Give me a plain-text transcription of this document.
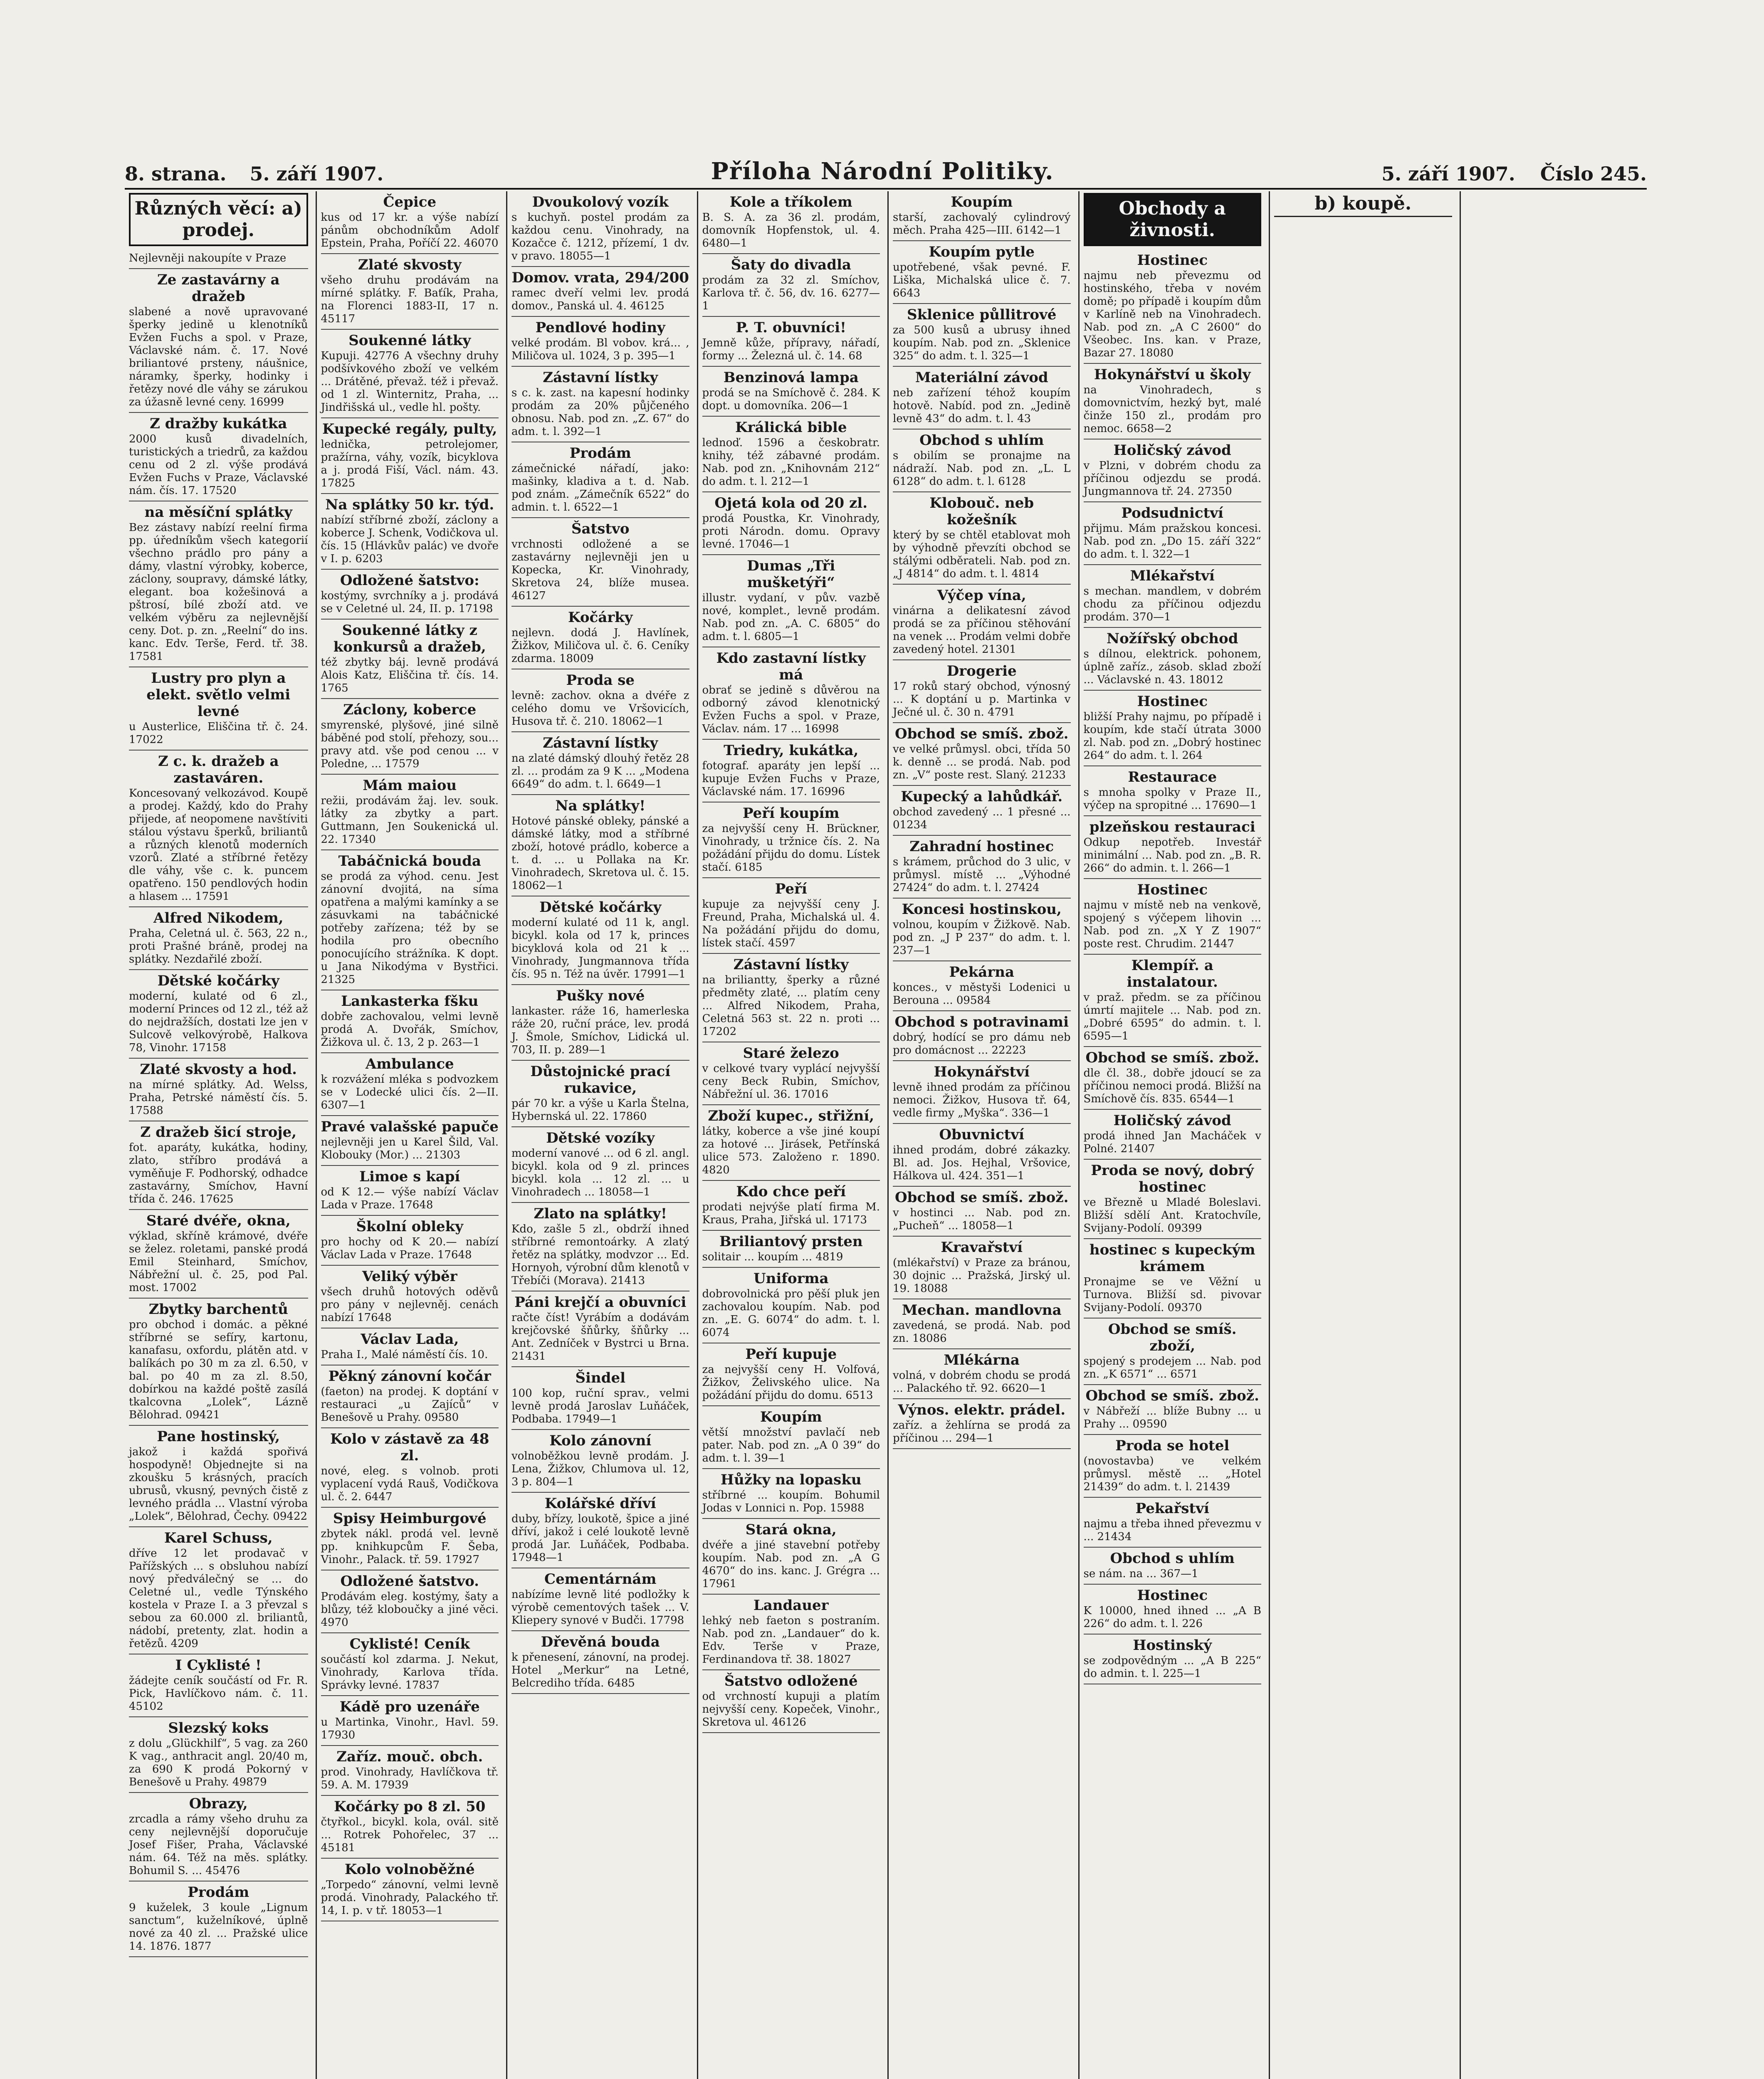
8. strana. 5. září 1907.	Příloha Národní Politiky.	5. září 1907. Číslo 245.
Různých věcí: a) prodej.
Nejlevněji nakoupíte v Praze
Ze zastavárny a dražeb
slabené a nově upravované šperky jedině u klenotníků Evžen Fuchs a spol. v Praze, Václavské nám. č. 17. Nové briliantové prsteny, náušnice, náramky, šperky, hodinky i řetězy nové dle váhy se zárukou za úžasně levné ceny. 16999
Z dražby kukátka
2000 kusů divadelních, turistických a triedrů, za každou cenu od 2 zl. výše prodává Evžen Fuchs v Praze, Václavské nám. čís. 17. 17520
na měsíční splátky
Bez zástavy nabízí reelní firma pp. úředníkům všech kategorií všechno prádlo pro pány a dámy, vlastní výrobky, koberce, záclony, soupravy, dámské látky, elegant. boa kožešinová a pštrosí, bílé zboží atd. ve velkém výběru za nejlevnější ceny. Dot. p. zn. „Reelní“ do ins. kanc. Edv. Terše, Ferd. tř. 38. 17581
Lustry pro plyn a elekt. světlo velmi levné
u Austerlice, Eliščina tř. č. 24. 17022
Z c. k. dražeb a zastaváren.
Koncesovaný velkozávod. Koupě a prodej. Každý, kdo do Prahy přijede, ať neopomene navštíviti stálou výstavu šperků, briliantů a různých klenotů moderních vzorů. Zlaté a stříbrné řetězy dle váhy, vše c. k. puncem opatřeno. 150 pendlových hodin a hlasem ... 17591
Alfred Nikodem,
Praha, Celetná ul. č. 563, 22 n., proti Prašné bráně, prodej na splátky. Nezdařilé zboží.
Dětské kočárky
moderní, kulaté od 6 zl., moderní Princes od 12 zl., též až do nejdražších, dostati lze jen v Sulcově velkovýrobě, Halkova 78, Vinohr. 17158
Zlaté skvosty a hod.
na mírné splátky. Ad. Welss, Praha, Petrské náměstí čís. 5. 17588
Z dražeb šicí stroje,
fot. aparáty, kukátka, hodiny, zlato, stříbro prodává a vyměňuje F. Podhorský, odhadce zastavárny, Smíchov, Havní třída č. 246. 17625
Staré dvéře, okna,
výklad, skříně krámové, dvéře se želez. roletami, panské prodá Emil Steinhard, Smíchov, Nábřežní ul. č. 25, pod Pal. most. 17002
Zbytky barchentů
pro obchod i domác. a pěkné stříbrné se sefíry, kartonu, kanafasu, oxfordu, plátěn atd. v balíkách po 30 m za zl. 6.50, v bal. po 40 m za zl. 8.50, dobírkou na každé poště zasílá tkalcovna „Lolek“, Lázně Bělohrad. 09421
Pane hostinský,
jakož i každá spořivá hospodyně! Objednejte si na zkoušku 5 krásných, pracích ubrusů, vkusný, pevných čistě z levného prádla ... Vlastní výroba „Lolek“, Bělohrad, Čechy. 09422
Karel Schuss,
dříve 12 let prodavač v Pařížských ... s obsluhou nabízí nový předválečný se ... do Celetné ul., vedle Týnského kostela v Praze I. a 3 převzal s sebou za 60.000 zl. briliantů, nádobí, pretenty, zlat. hodin a řetězů. 4209
I Cyklisté !
žádejte ceník součástí od Fr. R. Pick, Havlíčkovo nám. č. 11. 45102
Slezský koks
z dolu „Glückhilf“, 5 vag. za 260 K vag., anthracit angl. 20/40 m, za 690 K prodá Pokorný v Benešově u Prahy. 49879
Obrazy,
zrcadla a rámy všeho druhu za ceny nejlevnější doporučuje Josef Fišer, Praha, Václavské nám. 64. Též na měs. splátky. Bohumil S. ... 45476
Prodám
9 kuželek, 3 koule „Lignum sanctum“, kuželníkové, úplně nové za 40 zl. ... Pražské ulice 14. 1876. 1877
Čepice
kus od 17 kr. a výše nabízí pánům obchodníkům Adolf Epstein, Praha, Poříčí 22. 46070
Zlaté skvosty
všeho druhu prodávám na mírné splátky. F. Baťík, Praha, na Florenci 1883-II, 17 n. 45117
Soukenné látky
Kupuji. 42776 A všechny druhy podšívkového zboží ve velkém ... Drátěné, převaž. též i převaž. od 1 zl. Winternitz, Praha, ... Jindřišská ul., vedle hl. pošty.
Kupecké regály, pulty,
lednička, petrolejomer, pražírna, váhy, vozík, bicyklova a j. prodá Fiší, Václ. nám. 43. 17825
Na splátky 50 kr. týd.
nabízí stříbrné zboží, záclony a koberce J. Schenk, Vodičkova ul. čís. 15 (Hlávkův palác) ve dvoře v I. p. 6203
Odložené šatstvo:
kostýmy, svrchníky a j. prodává se v Celetné ul. 24, II. p. 17198
Soukenné látky z konkursů a dražeb,
též zbytky báj. levně prodává Alois Katz, Eliščina tř. čís. 14. 1765
Záclony, koberce
smyrenské, plyšové, jiné silně báběné pod stolí, přehozy, sou... pravy atd. vše pod cenou ... v Poledne, ... 17579
Mám maiou
režii, prodávám žaj. lev. souk. látky za zbytky a part. Guttmann, Jen Soukenická ul. 22. 17340
Tabáčnická bouda
se prodá za výhod. cenu. Jest zánovní dvojitá, na síma opatřena a malými kamínky a se zásuvkami na tabáčnické potřeby zařízena; též by se hodila pro obecního ponocujícího strážníka. K dopt. u Jana Nikodýma v Bystřici. 21325
Lankasterka fšku
dobře zachovalou, velmi levně prodá A. Dvořák, Smíchov, Žižkova ul. č. 13, 2 p. 263—1
Ambulance
k rozvážení mléka s podvozkem se v Lodecké ulici čís. 2—II. 6307—1
Pravé valašské papuče
nejlevněji jen u Karel Šild, Val. Klobouky (Mor.) ... 21303
Limoe s kapí
od K 12.— výše nabízí Václav Lada v Praze. 17648
Školní obleky
pro hochy od K 20.— nabízí Václav Lada v Praze. 17648
Veliký výběr
všech druhů hotových oděvů pro pány v nejlevněj. cenách nabízí 17648
Václav Lada,
Praha I., Malé náměstí čís. 10.
Pěkný zánovní kočár
(faeton) na prodej. K doptání v restauraci „u Zajíců“ v Benešově u Prahy. 09580
Kolo v zástavě za 48 zl.
nové, eleg. s volnob. proti vyplacení vydá Rauš, Vodičkova ul. č. 2. 6447
Spisy Heimburgové
zbytek nákl. prodá vel. levně pp. knihkupcům F. Šeba, Vinohr., Palack. tř. 59. 17927
Odložené šatstvo.
Prodávám eleg. kostýmy, šaty a blůzy, též kloboučky a jiné věci. 4970
Cyklisté! Ceník
součástí kol zdarma. J. Nekut, Vinohrady, Karlova třída. Správky levné. 17837
Kádě pro uzenáře
u Martinka, Vinohr., Havl. 59. 17930
Zaříz. mouč. obch.
prod. Vinohrady, Havlíčkova tř. 59. A. M. 17939
Kočárky po 8 zl. 50
čtyřkol., bicykl. kola, ovál. sitě ... Rotrek Pohořelec, 37 ... 45181
Kolo volnoběžné
„Torpedo“ zánovní, velmi levně prodá. Vinohrady, Palackého tř. 14, I. p. v tř. 18053—1
Dvoukolový vozík
s kuchyň. postel prodám za každou cenu. Vinohrady, na Kozačce č. 1212, přízemí, 1 dv. v pravo. 18055—1
Domov. vrata, 294/200
ramec dveří velmi lev. prodá domov., Panská ul. 4. 46125
Pendlové hodiny
velké prodám. Bl vobov. krá... , Miličova ul. 1024, 3 p. 395—1
Zástavní lístky
s c. k. zast. na kapesní hodinky prodám za 20% půjčeného obnosu. Nab. pod zn. „Z. 67“ do adm. t. l. 392—1
Prodám
zámečnické nářadí, jako: mašinky, kladiva a t. d. Nab. pod znám. „Zámečník 6522“ do admin. t. l. 6522—1
Šatstvo
vrchnosti odložené a se zastavárny nejlevněji jen u Kopecka, Kr. Vinohrady, Skretova 24, blíže musea. 46127
Kočárky
nejlevn. dodá J. Havlínek, Žižkov, Miličova ul. č. 6. Ceníky zdarma. 18009
Proda se
levně: zachov. okna a dvéře z celého domu ve Vršovicích, Husova tř. č. 210. 18062—1
Zástavní lístky
na zlaté dámský dlouhý řetěz 28 zl. ... prodám za 9 K ... „Modena 6649“ do adm. t. l. 6649—1
Na splátky!
Hotové pánské obleky, pánské a dámské látky, mod a stříbrné zboží, hotové prádlo, koberce a t. d. ... u Pollaka na Kr. Vinohradech, Skretova ul. č. 15. 18062—1
Dětské kočárky
moderní kulaté od 11 k, angl. bicykl. kola od 17 k, princes bicyklová kola od 21 k ... Vinohrady, Jungmannova třída čís. 95 n. Též na úvěr. 17991—1
Pušky nové
lankaster. ráže 16, hamerleska ráže 20, ruční práce, lev. prodá J. Šmole, Smíchov, Lidická ul. 703, II. p. 289—1
Důstojnické prací rukavice,
pár 70 kr. a výše u Karla Štelna, Hybernská ul. 22. 17860
Dětské vozíky
moderní vanové ... od 6 zl. angl. bicykl. kola od 9 zl. princes bicykl. kola ... 12 zl. ... u Vinohradech ... 18058—1
Zlato na splátky!
Kdo, zašle 5 zl., obdrží ihned stříbrné remontoárky. A zlatý řetěz na splátky, modvzor ... Ed. Hornyoh, výrobní dům klenotů v Třebíči (Morava). 21413
Páni krejčí a obuvníci
račte číst! Vyrábím a dodávám krejčovské šňůrky, šňůrky ... Ant. Zedníček v Bystrci u Brna. 21431
Šindel
100 kop, ruční sprav., velmi levně prodá Jaroslav Luňáček, Podbaba. 17949—1
Kolo zánovní
volnoběžkou levně prodám. J. Lena, Žižkov, Chlumova ul. 12, 3 p. 804—1
Kolářské dříví
duby, břízy, loukotě, špice a jiné dříví, jakož i celé loukotě levně prodá Jar. Luňáček, Podbaba. 17948—1
Cementárnám
nabízíme levně lité podložky k výrobě cementových tašek ... V. Kliepery synové v Budči. 17798
Dřevěná bouda
k přenesení, zánovní, na prodej. Hotel „Merkur“ na Letné, Belcrediho třída. 6485
Kole a tříkolem
B. S. A. za 36 zl. prodám, domovník Hopfenstok, ul. 4. 6480—1
Šaty do divadla
prodám za 32 zl. Smíchov, Karlova tř. č. 56, dv. 16. 6277—1
P. T. obuvníci!
Jemně kůže, přípravy, nářadí, formy ... Železná ul. č. 14. 68
Benzinová lampa
prodá se na Smíchově č. 284. K dopt. u domovníka. 206—1
Králická bible
lednoď. 1596 a českobratr. knihy, též zábavné prodám. Nab. pod zn. „Knihovnám 212“ do adm. t. l. 212—1
Ojetá kola od 20 zl.
prodá Poustka, Kr. Vinohrady, proti Národn. domu. Opravy levné. 17046—1
Dumas „Tři mušketýři“
illustr. vydaní, v pův. vazbě nové, komplet., levně prodám. Nab. pod zn. „A. C. 6805“ do adm. t. l. 6805—1
Kdo zastavní lístky má
obrať se jedině s důvěrou na odborný závod klenotnický Evžen Fuchs a spol. v Praze, Václav. nám. 17 ... 16998
Triedry, kukátka,
fotograf. aparáty jen lepší ... kupuje Evžen Fuchs v Praze, Václavské nám. 17. 16996
Peří koupím
za nejvyšší ceny H. Brückner, Vinohrady, u tržnice čís. 2. Na požádání přijdu do domu. Lístek stačí. 6185
Peří
kupuje za nejvyšší ceny J. Freund, Praha, Michalská ul. 4. Na požádání přijdu do domu, lístek stačí. 4597
Zástavní lístky
na briliantty, šperky a různé předměty zlaté, ... platím ceny ... Alfred Nikodem, Praha, Celetná 563 st. 22 n. proti ... 17202
Staré železo
v celkové tvary vyplácí nejvyšší ceny Beck Rubin, Smíchov, Nábřežní ul. 36. 17016
Zboží kupec., střižní,
látky, koberce a vše jiné koupí za hotové ... Jirásek, Petřínská ulice 573. Založeno r. 1890. 4820
Kdo chce peří
prodati nejvýše platí firma M. Kraus, Praha, Jiřská ul. 17173
Briliantový prsten
solitair ... koupím ... 4819
Uniforma
dobrovolnická pro pěší pluk jen zachovalou koupím. Nab. pod zn. „E. G. 6074“ do adm. t. l. 6074
Peří kupuje
za nejvyšší ceny H. Volfová, Žižkov, Želivského ulice. Na požádání přijdu do domu. 6513
Koupím
větší množství pavlačí neb pater. Nab. pod zn. „A 0 39“ do adm. t. l. 39—1
Hůžky na lopasku
stříbrné ... koupím. Bohumil Jodas v Lonnici n. Pop. 15988
Stará okna,
dvéře a jiné stavební potřeby koupím. Nab. pod zn. „A G 4670“ do ins. kanc. J. Grégra ... 17961
Landauer
lehký neb faeton s postraním. Nab. pod zn. „Landauer“ do k. Edv. Terše v Praze, Ferdinandova tř. 38. 18027
Šatstvo odložené
od vrchností kupuji a platím nejvyšší ceny. Kopeček, Vinohr., Skretova ul. 46126
Koupím
starší, zachovalý cylindrový měch. Praha 425—III. 6142—1
Koupím pytle
upotřebené, však pevné. F. Liška, Michalská ulice č. 7. 6643
Sklenice půllitrové
za 500 kusů a ubrusy ihned koupím. Nab. pod zn. „Sklenice 325“ do adm. t. l. 325—1
Materiální závod
neb zařízení téhož koupím hotově. Nabíd. pod zn. „Jedině levně 43“ do adm. t. l. 43
Obchod s uhlím
s obilím se pronajme na nádraží. Nab. pod zn. „L. L 6128“ do adm. t. l. 6128
Klobouč. neb kožešník
který by se chtěl etablovat moh by výhodně převzíti obchod se stálými odběrateli. Nab. pod zn. „J 4814“ do adm. t. l. 4814
Výčep vína,
vinárna a delikatesní závod prodá se za příčinou stěhování na venek ... Prodám velmi dobře zavedený hotel. 21301
Drogerie
17 roků starý obchod, výnosný ... K doptání u p. Martinka v Ječné ul. č. 30 n. 4791
Obchod se smíš. zbož.
ve velké průmysl. obci, třída 50 k. denně ... se prodá. Nab. pod zn. „V“ poste rest. Slaný. 21233
Kupecký a lahůdkář.
obchod zavedený ... 1 přesné ... 01234
Zahradní hostinec
s krámem, průchod do 3 ulic, v průmysl. místě ... „Výhodné 27424“ do adm. t. l. 27424
Koncesi hostinskou,
volnou, koupím v Žižkově. Nab. pod zn. „J P 237“ do adm. t. l. 237—1
Pekárna
konces., v městyši Lodenici u Berouna ... 09584
Obchod s potravinami
dobrý, hodící se pro dámu neb pro domácnost ... 22223
Hokynářství
levně ihned prodám za příčinou nemoci. Žižkov, Husova tř. 64, vedle firmy „Myška“. 336—1
Obuvnictví
ihned prodám, dobré zákazky. Bl. ad. Jos. Hejhal, Vršovice, Hálkova ul. 424. 351—1
Obchod se smíš. zbož.
v hostinci ... Nab. pod zn. „Pucheň“ ... 18058—1
Kravařství
(mlékařství) v Praze za bránou, 30 dojnic ... Pražská, Jirský ul. 19. 18088
Mechan. mandlovna
zavedená, se prodá. Nab. pod zn. 18086
Mlékárna
volná, v dobrém chodu se prodá ... Palackého tř. 92. 6620—1
Výnos. elektr. prádel.
zaříz. a žehlírna se prodá za příčinou ... 294—1
Obchody a živnosti.
Hostinec
najmu neb převezmu od hostinského, třeba v novém domě; po případě i koupím dům v Karlíně neb na Vinohradech. Nab. pod zn. „A C 2600“ do Všeobec. Ins. kan. v Praze, Bazar 27. 18080
Hokynářství u školy
na Vinohradech, s domovnictvím, hezký byt, malé činže 150 zl., prodám pro nemoc. 6658—2
Holičský závod
v Plzni, v dobrém chodu za příčinou odjezdu se prodá. Jungmannova tř. 24. 27350
Podsudnictví
přijmu. Mám pražskou koncesi. Nab. pod zn. „Do 15. září 322“ do adm. t. l. 322—1
Mlékařství
s mechan. mandlem, v dobrém chodu za příčinou odjezdu prodám. 370—1
Nožířský obchod
s dílnou, elektrick. pohonem, úplně zaříz., zásob. sklad zboží ... Václavské n. 43. 18012
Hostinec
bližší Prahy najmu, po případě i koupím, kde stačí útrata 3000 zl. Nab. pod zn. „Dobrý hostinec 264“ do adm. t. l. 264
Restaurace
s mnoha spolky v Praze II., výčep na spropitné ... 17690—1
plzeňskou restauraci
Odkup nepotřeb. Investář minimální ... Nab. pod zn. „B. R. 266“ do admin. t. l. 266—1
Hostinec
najmu v místě neb na venkově, spojený s výčepem lihovin ... Nab. pod zn. „X Y Z 1907“ poste rest. Chrudim. 21447
Klempíř. a instalatour.
v praž. předm. se za příčinou úmrtí majitele ... Nab. pod zn. „Dobré 6595“ do admin. t. l. 6595—1
Obchod se smíš. zbož.
dle čl. 38., dobře jdoucí se za příčinou nemoci prodá. Bližší na Smíchově čís. 835. 6544—1
Holičský závod
prodá ihned Jan Macháček v Polné. 21407
Proda se nový, dobrý hostinec
ve Březně u Mladé Boleslavi. Bližší sdělí Ant. Kratochvíle, Svijany-Podolí. 09399
hostinec s kupeckým krámem
Pronajme se ve Věžní u Turnova. Bližší sd. pivovar Svijany-Podolí. 09370
Obchod se smíš. zboží,
spojený s prodejem ... Nab. pod zn. „K 6571“ ... 6571
Obchod se smíš. zbož.
v Nábřeží ... blíže Bubny ... u Prahy ... 09590
Proda se hotel
(novostavba) ve velkém průmysl. městě ... „Hotel 21439“ do adm. t. l. 21439
Pekařství
najmu a třeba ihned převezmu v ... 21434
Obchod s uhlím
se nám. na ... 367—1
Hostinec
K 10000, hned ihned ... „A B 226“ do adm. t. l. 226
Hostinský
se zodpovědným ... „A B 225“ do admin. t. l. 225—1
b) koupě.
